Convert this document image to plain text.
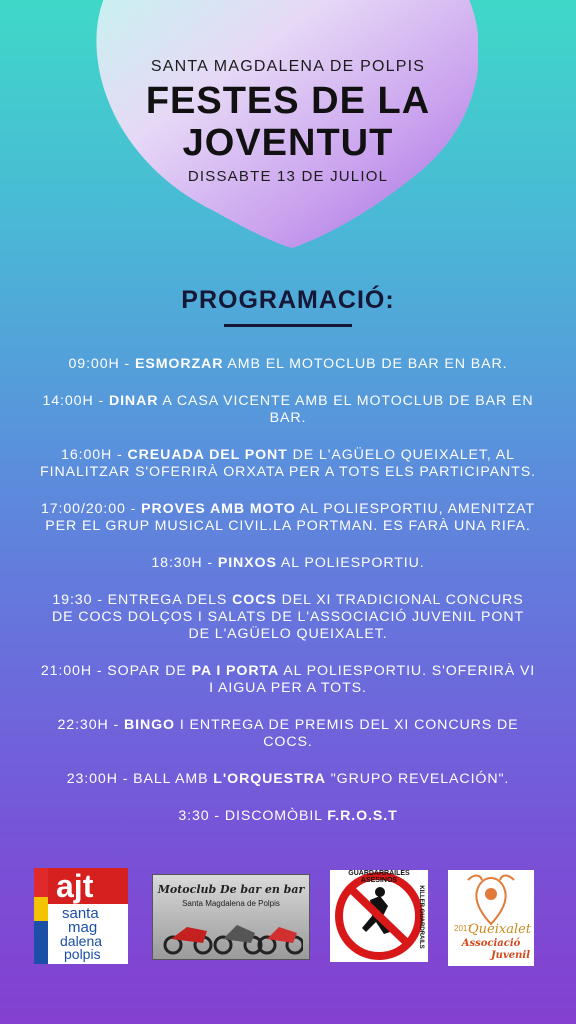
SANTA MAGDALENA DE POLPIS
FESTES DE LA
JOVENTUT
DISSABTE 13 DE JULIOL
PROGRAMACIÓ:
09:00H - ESMORZAR AMB EL MOTOCLUB DE BAR EN BAR.
14:00H - DINAR A CASA VICENTE AMB EL MOTOCLUB DE BAR EN BAR.
16:00H - CREUADA DEL PONT DE L'AGÜELO QUEIXALET, AL FINALITZAR S'OFERIRÀ ORXATA PER A TOTS ELS PARTICIPANTS.
17:00/20:00 - PROVES AMB MOTO AL POLIESPORTIU, AMENITZAT PER EL GRUP MUSICAL CIVIL.LA PORTMAN. ES FARÀ UNA RIFA.
18:30H - PINXOS AL POLIESPORTIU.
19:30 - ENTREGA DELS COCS DEL XI TRADICIONAL CONCURS DE COCS DOLÇOS I SALATS DE L'ASSOCIACIÓ JUVENIL PONT DE L'AGÜELO QUEIXALET.
21:00H - SOPAR DE PA I PORTA AL POLIESPORTIU. S'OFERIRÀ VI I AIGUA PER A TOTS.
22:30H - BINGO I ENTREGA DE PREMIS DEL XI CONCURS DE COCS.
23:00H - BALL AMB L'ORQUESTRA "GRUPO REVELACIÓN".
3:30 - DISCOMÒBIL F.R.O.S.T
ajt
santa
mag
dalena
polpis
Motoclub De bar en bar
Santa Magdalena de Polpis
GUARDARRAILES ASESINOS
KILLER GUARDRAILS	2017
Queixalet
Associació
Juvenil
